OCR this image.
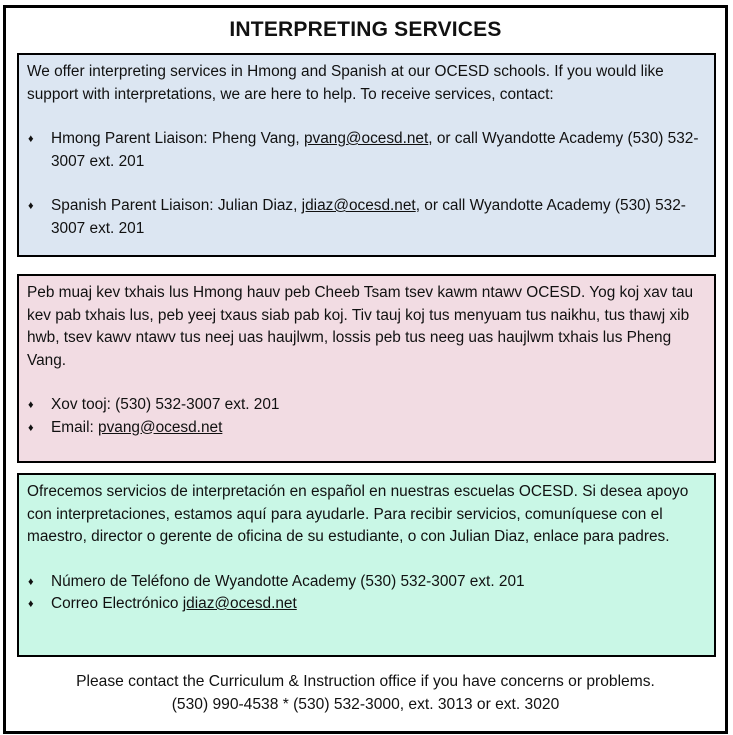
INTERPRETING SERVICES

We offer interpreting services in Hmong and Spanish at our OCESD schools. If you would like support with interpretations, we are here to help. To receive services, contact:

♦ Hmong Parent Liaison: Pheng Vang, pvang@ocesd.net, or call Wyandotte Academy (530) 532-3007 ext. 201
♦ Spanish Parent Liaison: Julian Diaz, jdiaz@ocesd.net, or call Wyandotte Academy (530) 532-3007 ext. 201

Peb muaj kev txhais lus Hmong hauv peb Cheeb Tsam tsev kawm ntawv OCESD. Yog koj xav tau kev pab txhais lus, peb yeej txaus siab pab koj. Tiv tauj koj tus menyuam tus naikhu, tus thawj xib hwb, tsev kawv ntawv tus neej uas haujlwm, lossis peb tus neeg uas haujlwm txhais lus Pheng Vang.

♦ Xov tooj: (530) 532-3007 ext. 201
♦ Email: pvang@ocesd.net

Ofrecemos servicios de interpretación en español en nuestras escuelas OCESD. Si desea apoyo con interpretaciones, estamos aquí para ayudarle. Para recibir servicios, comuníquese con el maestro, director o gerente de oficina de su estudiante, o con Julian Diaz, enlace para padres.

♦ Número de Teléfono de Wyandotte Academy (530) 532-3007 ext. 201
♦ Correo Electrónico jdiaz@ocesd.net
Please contact the Curriculum & Instruction office if you have concerns or problems.
(530) 990-4538 * (530) 532-3000, ext. 3013 or ext. 3020
